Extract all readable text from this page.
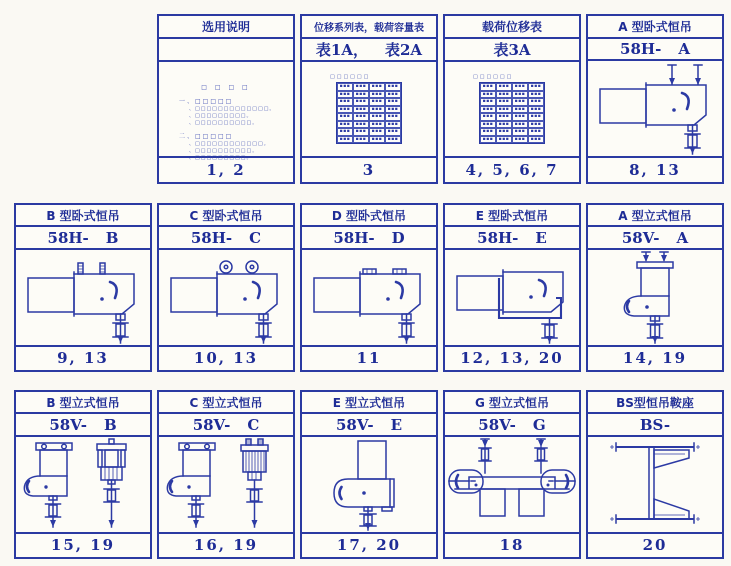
选用说明
□ □ □ □
一、□□□□□
、□□□□□□□□□□□□□。
、□□□□□□□□□。
、□□□□□□□□□□。
二、□□□□□
、□□□□□□□□□□□□。
、□□□□□□□□□□。
、□□□□□□□□□。
1, 2
位移系列表，载荷容量表
表1A， 表2A
□□□□□□
▪▪▪	▪▪▪	▪▪▪	▪▪▪
▪▪▪	▪▪▪	▪▪▪	▪▪▪
▪▪▪	▪▪▪	▪▪▪	▪▪▪
▪▪▪	▪▪▪	▪▪▪	▪▪▪
▪▪▪	▪▪▪	▪▪▪	▪▪▪
▪▪▪	▪▪▪	▪▪▪	▪▪▪
▪▪▪	▪▪▪	▪▪▪	▪▪▪
▪▪▪	▪▪▪	▪▪▪	▪▪▪
3
载荷位移表
表3A
□□□□□□
▪▪▪	▪▪▪	▪▪▪	▪▪▪
▪▪▪	▪▪▪	▪▪▪	▪▪▪
▪▪▪	▪▪▪	▪▪▪	▪▪▪
▪▪▪	▪▪▪	▪▪▪	▪▪▪
▪▪▪	▪▪▪	▪▪▪	▪▪▪
▪▪▪	▪▪▪	▪▪▪	▪▪▪
▪▪▪	▪▪▪	▪▪▪	▪▪▪
▪▪▪	▪▪▪	▪▪▪	▪▪▪
4, 5, 6, 7
A 型卧式恒吊
58H- A
8, 13
B 型卧式恒吊
58H- B
9, 13
C 型卧式恒吊
58H- C
10, 13
D 型卧式恒吊
58H- D
11
E 型卧式恒吊
58H- E
12, 13, 20
A 型立式恒吊
58V- A
14, 19
B 型立式恒吊
58V- B
15, 19
C 型立式恒吊
58V- C
16, 19
E 型立式恒吊
58V- E
17, 20
G 型立式恒吊
58V- G
18
BS型恒吊鞍座
BS-
20
